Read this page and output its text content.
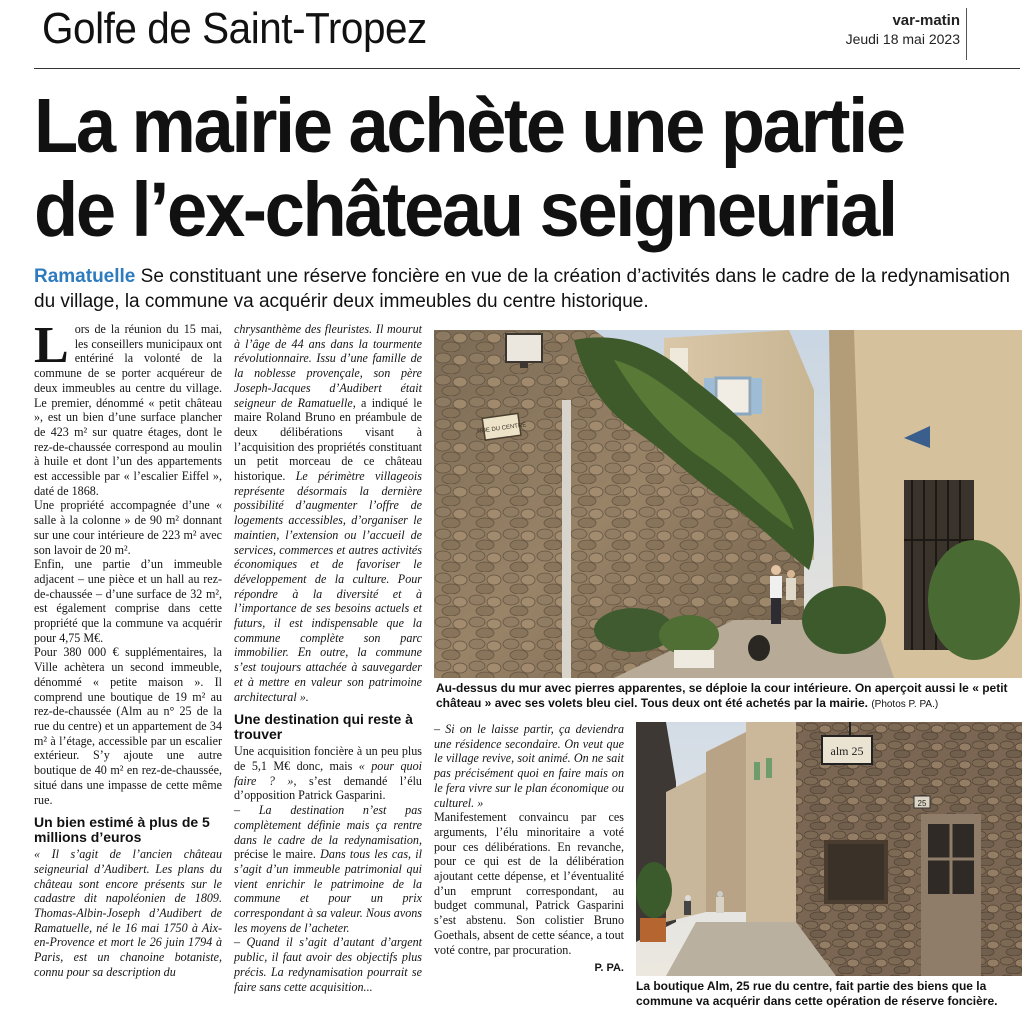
Golfe de Saint-Tropez	var-matin
Jeudi 18 mai 2023
La mairie achète une partie
de l’ex-château seigneurial
Ramatuelle Se constituant une réserve foncière en vue de la création d’activités dans le cadre de la redynamisation du village, la commune va acquérir deux immeubles du centre historique.

Lors de la réunion du 15 mai, les conseillers municipaux ont entériné la volonté de la commune de se porter acquéreur de deux immeubles au centre du village. Le premier, dénommé « petit château », est un bien d’une surface plancher de 423 m² sur quatre étages, dont le rez-de-chaussée correspond au moulin à huile et dont l’un des appartements est accessible par « l’escalier Eiffel », daté de 1868.

Une propriété accompagnée d’une « salle à la colonne » de 90 m² donnant sur une cour intérieure de 223 m² avec son lavoir de 20 m².

Enfin, une partie d’un immeuble adjacent – une pièce et un hall au rez-de-chaussée – d’une surface de 32 m², est également comprise dans cette propriété que la commune va acquérir pour 4,75 M€.

Pour 380 000 € supplémentaires, la Ville achètera un second immeuble, dénommé « petite maison ». Il comprend une boutique de 19 m² au rez-de-chaussée (Alm au n° 25 de la rue du centre) et un appartement de 34 m² à l’étage, accessible par un escalier extérieur. S’y ajoute une autre boutique de 40 m² en rez-de-chaussée, situé dans une impasse de cette même rue.

Un bien estimé à plus de 5 millions d’euros

« Il s’agit de l’ancien château seigneurial d’Audibert. Les plans du château sont encore présents sur le cadastre dit napoléonien de 1809. Thomas-Albin-Joseph d’Audibert de Ramatuelle, né le 16 mai 1750 à Aix-en-Provence et mort le 26 juin 1794 à Paris, est un chanoine botaniste, connu pour sa description du

chrysanthème des fleuristes. Il mourut à l’âge de 44 ans dans la tourmente révolutionnaire. Issu d’une famille de la noblesse provençale, son père Joseph-Jacques d’Audibert était seigneur de Ramatuelle, a indiqué le maire Roland Bruno en préambule de deux délibérations visant à l’acquisition des propriétés constituant un petit morceau de ce château historique. Le périmètre villageois représente désormais la dernière possibilité d’augmenter l’offre de logements accessibles, d’organiser le maintien, l’extension ou l’accueil de services, commerces et autres activités économiques et de favoriser le développement de la culture. Pour répondre à la diversité et à l’importance de ses besoins actuels et futurs, il est indispensable que la commune complète son parc immobilier. En outre, la commune s’est toujours attachée à sauvegarder et à mettre en valeur son patrimoine architectural ».

Une destination qui reste à trouver

Une acquisition foncière à un peu plus de 5,1 M€ donc, mais « pour quoi faire ? », s’est demandé l’élu d’opposition Patrick Gasparini.

– La destination n’est pas complètement définie mais ça rentre dans le cadre de la redynamisation, précise le maire. Dans tous les cas, il s’agit d’un immeuble patrimonial qui vient enrichir le patrimoine de la commune et pour un prix correspondant à sa valeur. Nous avons les moyens de l’acheter.

– Quand il s’agit d’autant d’argent public, il faut avoir des objectifs plus précis. La redynamisation pourrait se faire sans cette acquisition...

– Si on le laisse partir, ça deviendra une résidence secondaire. On veut que le village revive, soit animé. On ne sait pas précisément quoi en faire mais on le fera vivre sur le plan économique ou culturel. »

Manifestement convaincu par ces arguments, l’élu minoritaire a voté pour ces délibérations. En revanche, pour ce qui est de la délibération ajoutant cette dépense, et l’éventualité d’un emprunt correspondant, au budget communal, Patrick Gasparini s’est abstenu. Son colistier Bruno Goethals, absent de cette séance, a tout voté contre, par procuration.

P. PA.
RUE DU CENTRE
Au-dessus du mur avec pierres apparentes, se déploie la cour intérieure. On aperçoit aussi le « petit château » avec ses volets bleu ciel. Tous deux ont été achetés par la mairie. (Photos P. PA.)
25
alm 25
La boutique Alm, 25 rue du centre, fait partie des biens que la commune va acquérir dans cette opération de réserve foncière.
